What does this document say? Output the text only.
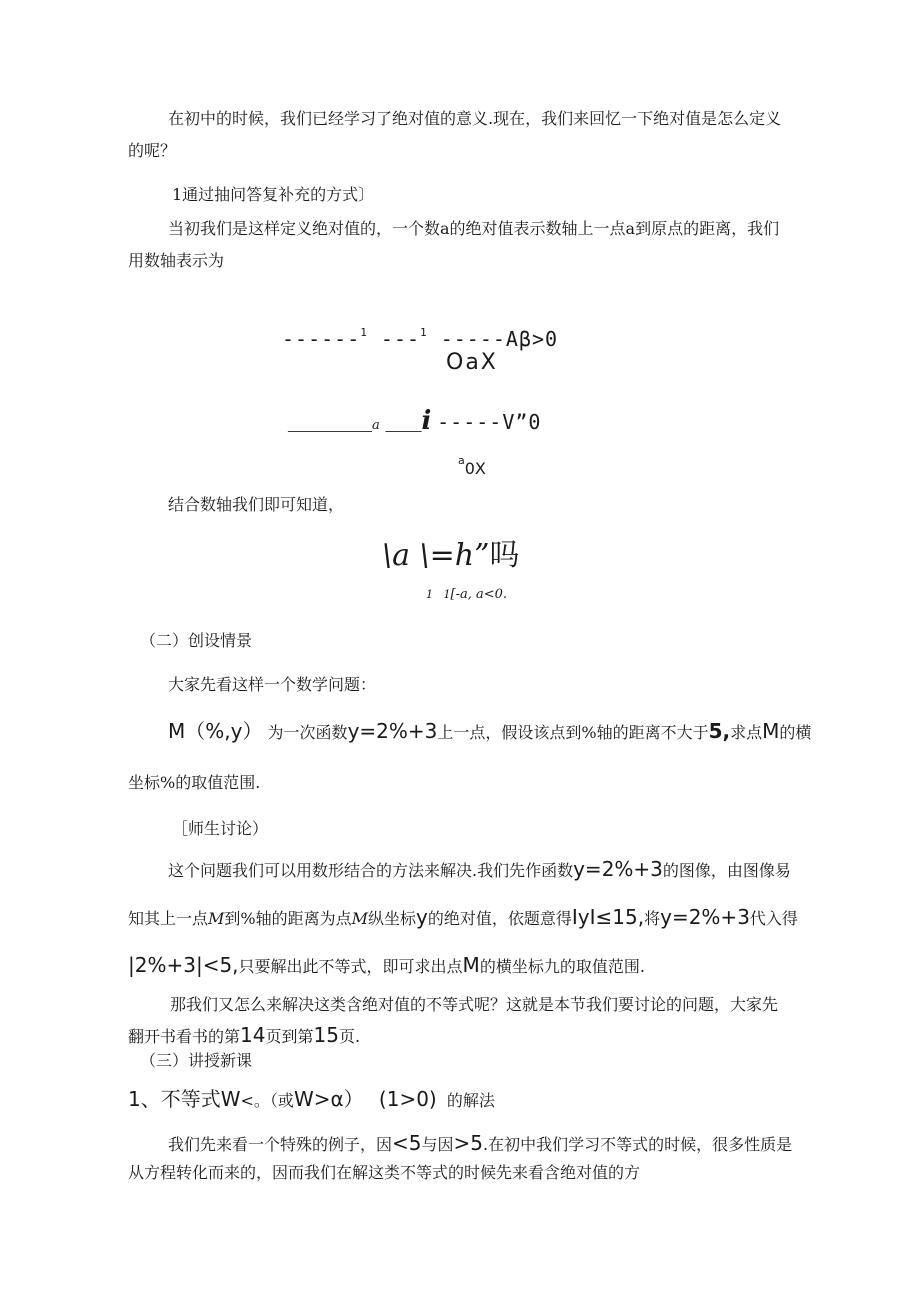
在初中的时候，我们已经学习了绝对值的意义.现在，我们来回忆一下绝对值是怎么定义
的呢？
1通过抽问答复补充的方式〕
当初我们是这样定义绝对值的，一个数a的绝对值表示数轴上一点a到原点的距离，我们
用数轴表示为
------$^1$ ---$^1$ -----Aβ>0
OaX
______________a ______i -----V”0
$^a$0X
结合数轴我们即可知道，
\a \=h”吗
1 1[-a, a<0.
（二）创设情景
大家先看这样一个数学问题：
M（%,y） 为一次函数y=2%+3上一点，假设该点到%轴的距离不大于5,求点M的横
坐标%的取值范围.
［师生讨论）
这个问题我们可以用数形结合的方法来解决.我们先作函数y=2%+3的图像，由图像易
知其上一点M到%轴的距离为点M纵坐标y的绝对值，依题意得IyI≤15,将y=2%+3代入得
|2%+3|<5,只要解出此不等式，即可求出点M的横坐标九的取值范围.
那我们又怎么来解决这类含绝对值的不等式呢？这就是本节我们要讨论的问题，大家先
翻开书看书的第14页到第15页.
（三）讲授新课
1、不等式W<。（或W>α） (1>0) 的解法
我们先来看一个特殊的例子，因<5与因>5.在初中我们学习不等式的时候，很多性质是
从方程转化而来的，因而我们在解这类不等式的时候先来看含绝对值的方
